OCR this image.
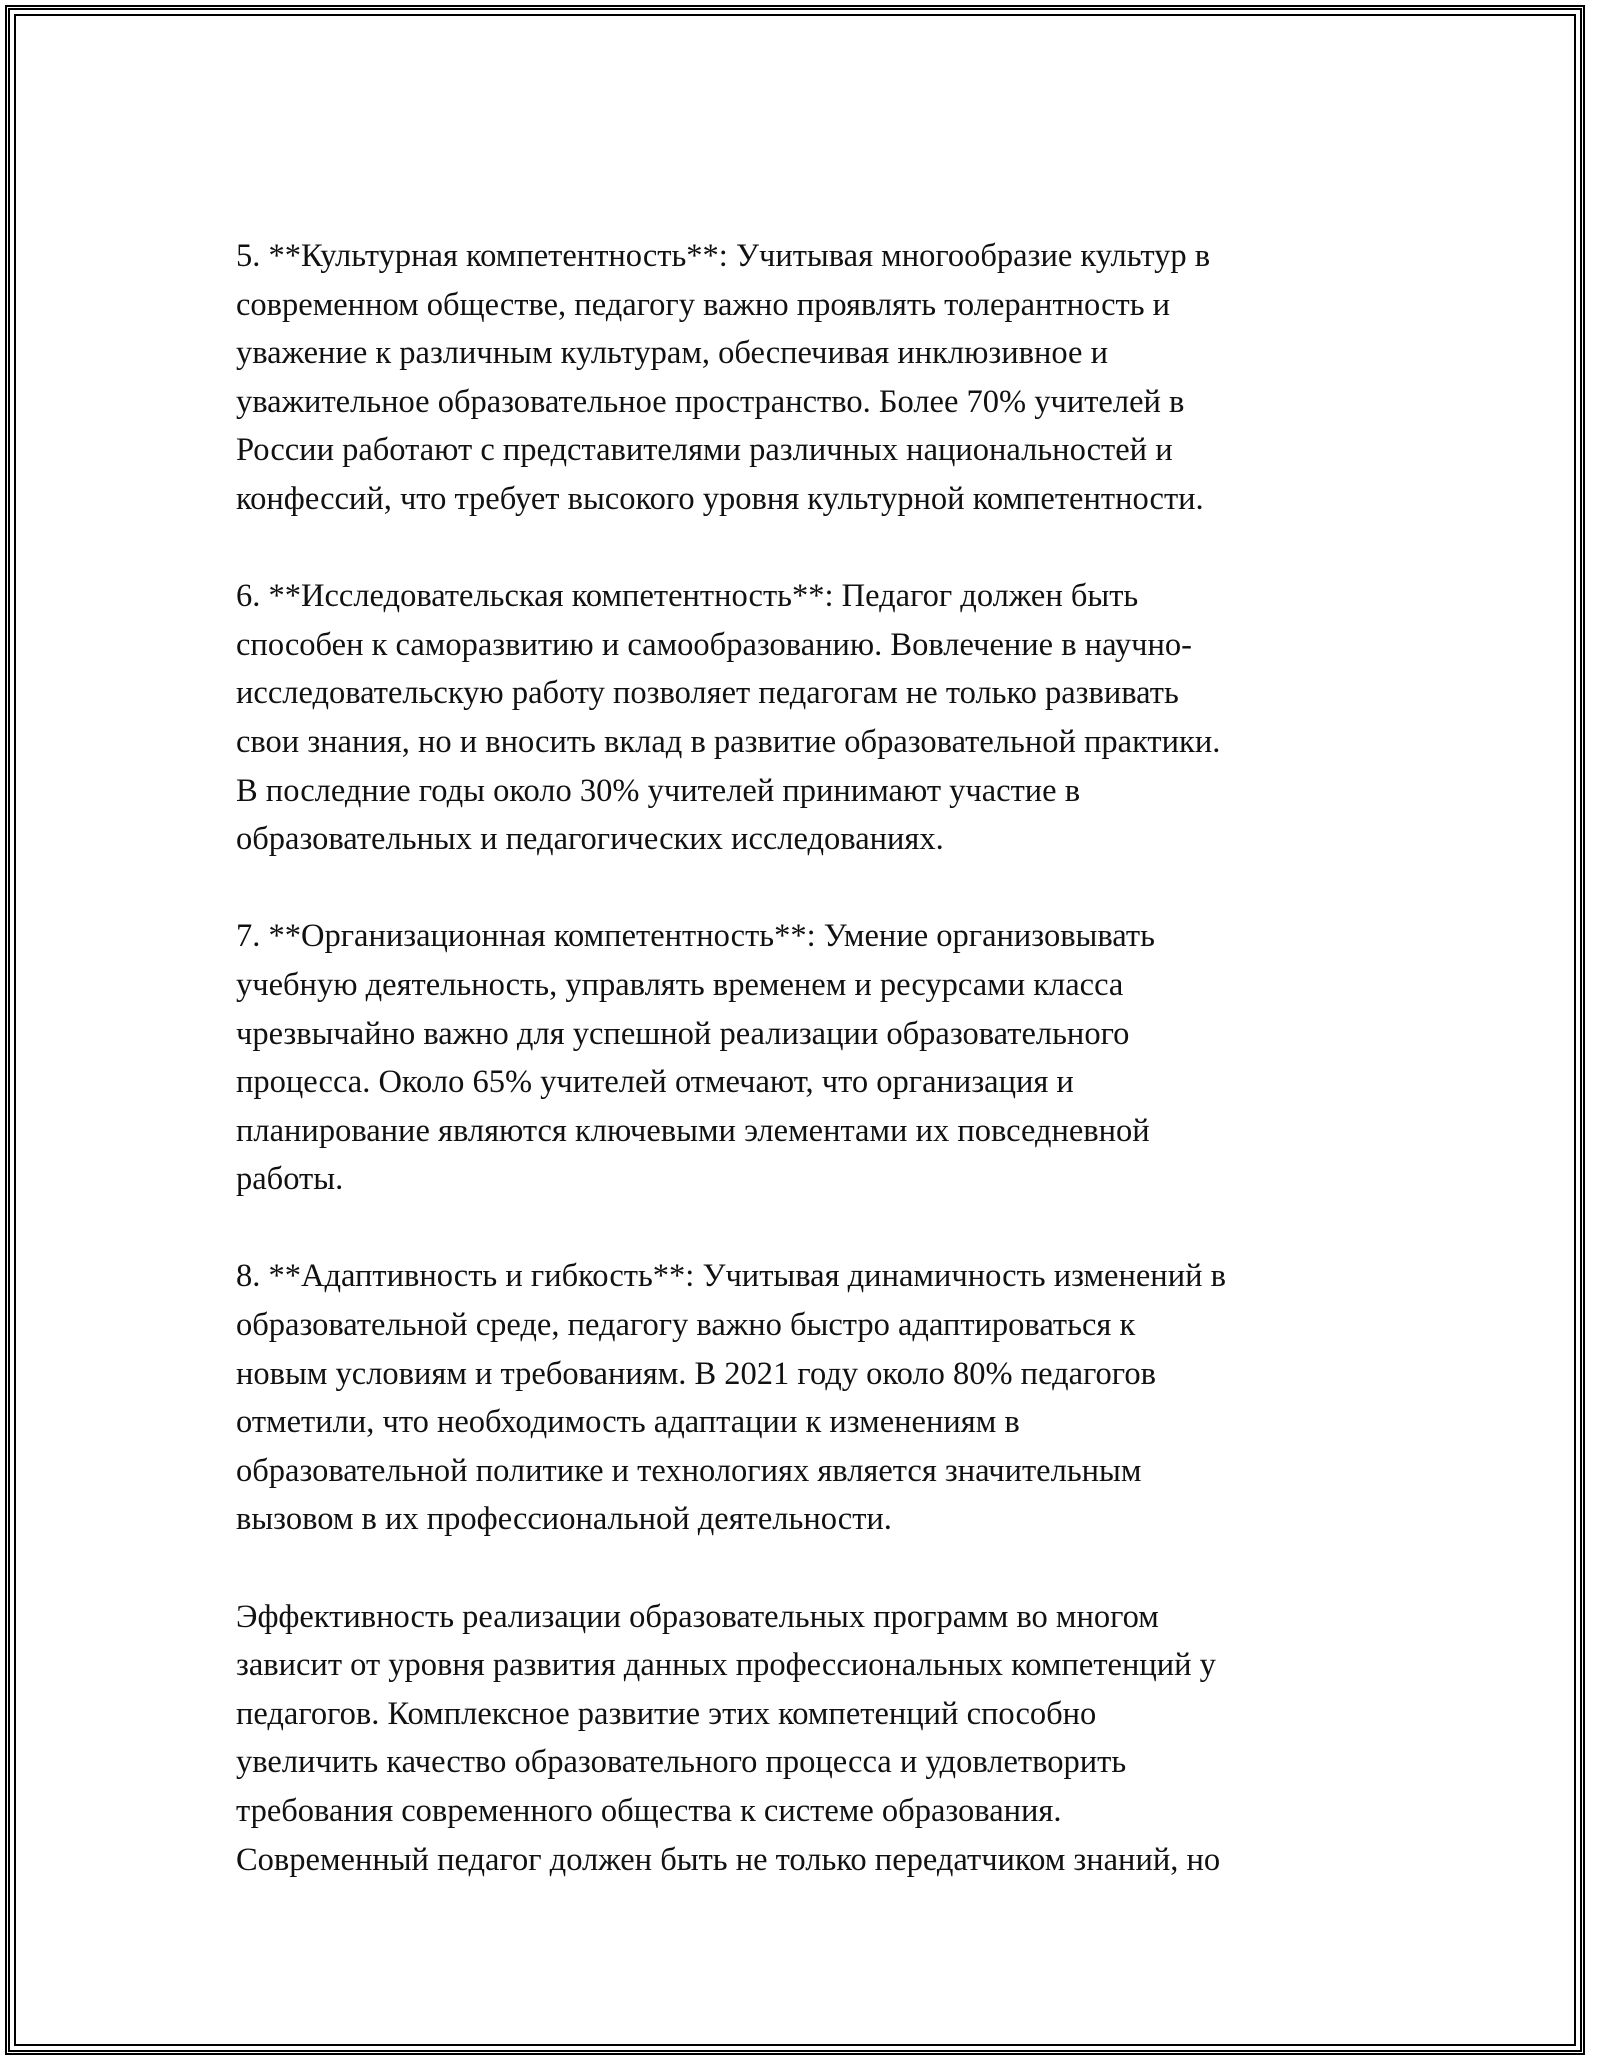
5. **Культурная компетентность**: Учитывая многообразие культур в
современном обществе, педагогу важно проявлять толерантность и
уважение к различным культурам, обеспечивая инклюзивное и
уважительное образовательное пространство. Более 70% учителей в
России работают с представителями различных национальностей и
конфессий, что требует высокого уровня культурной компетентности.

6. **Исследовательская компетентность**: Педагог должен быть
способен к саморазвитию и самообразованию. Вовлечение в научно-
исследовательскую работу позволяет педагогам не только развивать
свои знания, но и вносить вклад в развитие образовательной практики.
В последние годы около 30% учителей принимают участие в
образовательных и педагогических исследованиях.

7. **Организационная компетентность**: Умение организовывать
учебную деятельность, управлять временем и ресурсами класса
чрезвычайно важно для успешной реализации образовательного
процесса. Около 65% учителей отмечают, что организация и
планирование являются ключевыми элементами их повседневной
работы.

8. **Адаптивность и гибкость**: Учитывая динамичность изменений в
образовательной среде, педагогу важно быстро адаптироваться к
новым условиям и требованиям. В 2021 году около 80% педагогов
отметили, что необходимость адаптации к изменениям в
образовательной политике и технологиях является значительным
вызовом в их профессиональной деятельности.

Эффективность реализации образовательных программ во многом
зависит от уровня развития данных профессиональных компетенций у
педагогов. Комплексное развитие этих компетенций способно
увеличить качество образовательного процесса и удовлетворить
требования современного общества к системе образования.
Современный педагог должен быть не только передатчиком знаний, но
